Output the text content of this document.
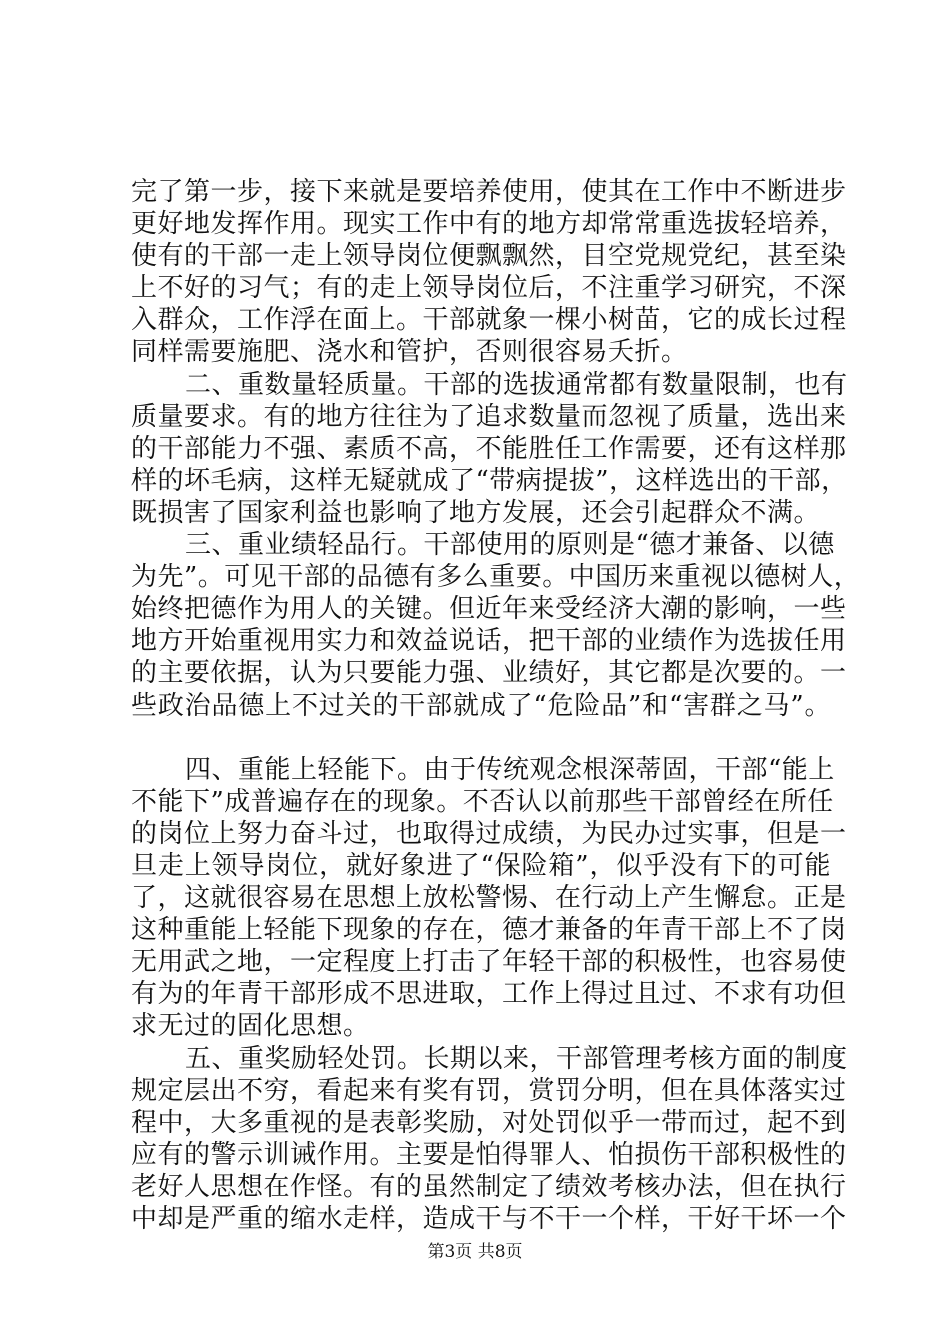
完了第一步，接下来就是要培养使用，使其在工作中不断进步
更好地发挥作用。现实工作中有的地方却常常重选拔轻培养，
使有的干部一走上领导岗位便飘飘然，目空党规党纪，甚至染
上不好的习气；有的走上领导岗位后，不注重学习研究，不深
入群众，工作浮在面上。干部就象一棵小树苗，它的成长过程
同样需要施肥、浇水和管护，否则很容易夭折。
二、重数量轻质量。干部的选拔通常都有数量限制，也有
质量要求。有的地方往往为了追求数量而忽视了质量，选出来
的干部能力不强、素质不高，不能胜任工作需要，还有这样那
样的坏毛病，这样无疑就成了“带病提拔”，这样选出的干部，
既损害了国家利益也影响了地方发展，还会引起群众不满。
三、重业绩轻品行。干部使用的原则是“德才兼备、以德
为先”。可见干部的品德有多么重要。中国历来重视以德树人，
始终把德作为用人的关键。但近年来受经济大潮的影响，一些
地方开始重视用实力和效益说话，把干部的业绩作为选拔任用
的主要依据，认为只要能力强、业绩好，其它都是次要的。一
些政治品德上不过关的干部就成了“危险品”和“害群之马”。
四、重能上轻能下。由于传统观念根深蒂固，干部“能上
不能下”成普遍存在的现象。不否认以前那些干部曾经在所任
的岗位上努力奋斗过，也取得过成绩，为民办过实事，但是一
旦走上领导岗位，就好象进了“保险箱”，似乎没有下的可能
了，这就很容易在思想上放松警惕、在行动上产生懈怠。正是
这种重能上轻能下现象的存在，德才兼备的年青干部上不了岗
无用武之地，一定程度上打击了年轻干部的积极性，也容易使
有为的年青干部形成不思进取，工作上得过且过、不求有功但
求无过的固化思想。
五、重奖励轻处罚。长期以来，干部管理考核方面的制度
规定层出不穷，看起来有奖有罚，赏罚分明，但在具体落实过
程中，大多重视的是表彰奖励，对处罚似乎一带而过，起不到
应有的警示训诫作用。主要是怕得罪人、怕损伤干部积极性的
老好人思想在作怪。有的虽然制定了绩效考核办法，但在执行
中却是严重的缩水走样，造成干与不干一个样，干好干坏一个
第3页 共8页
